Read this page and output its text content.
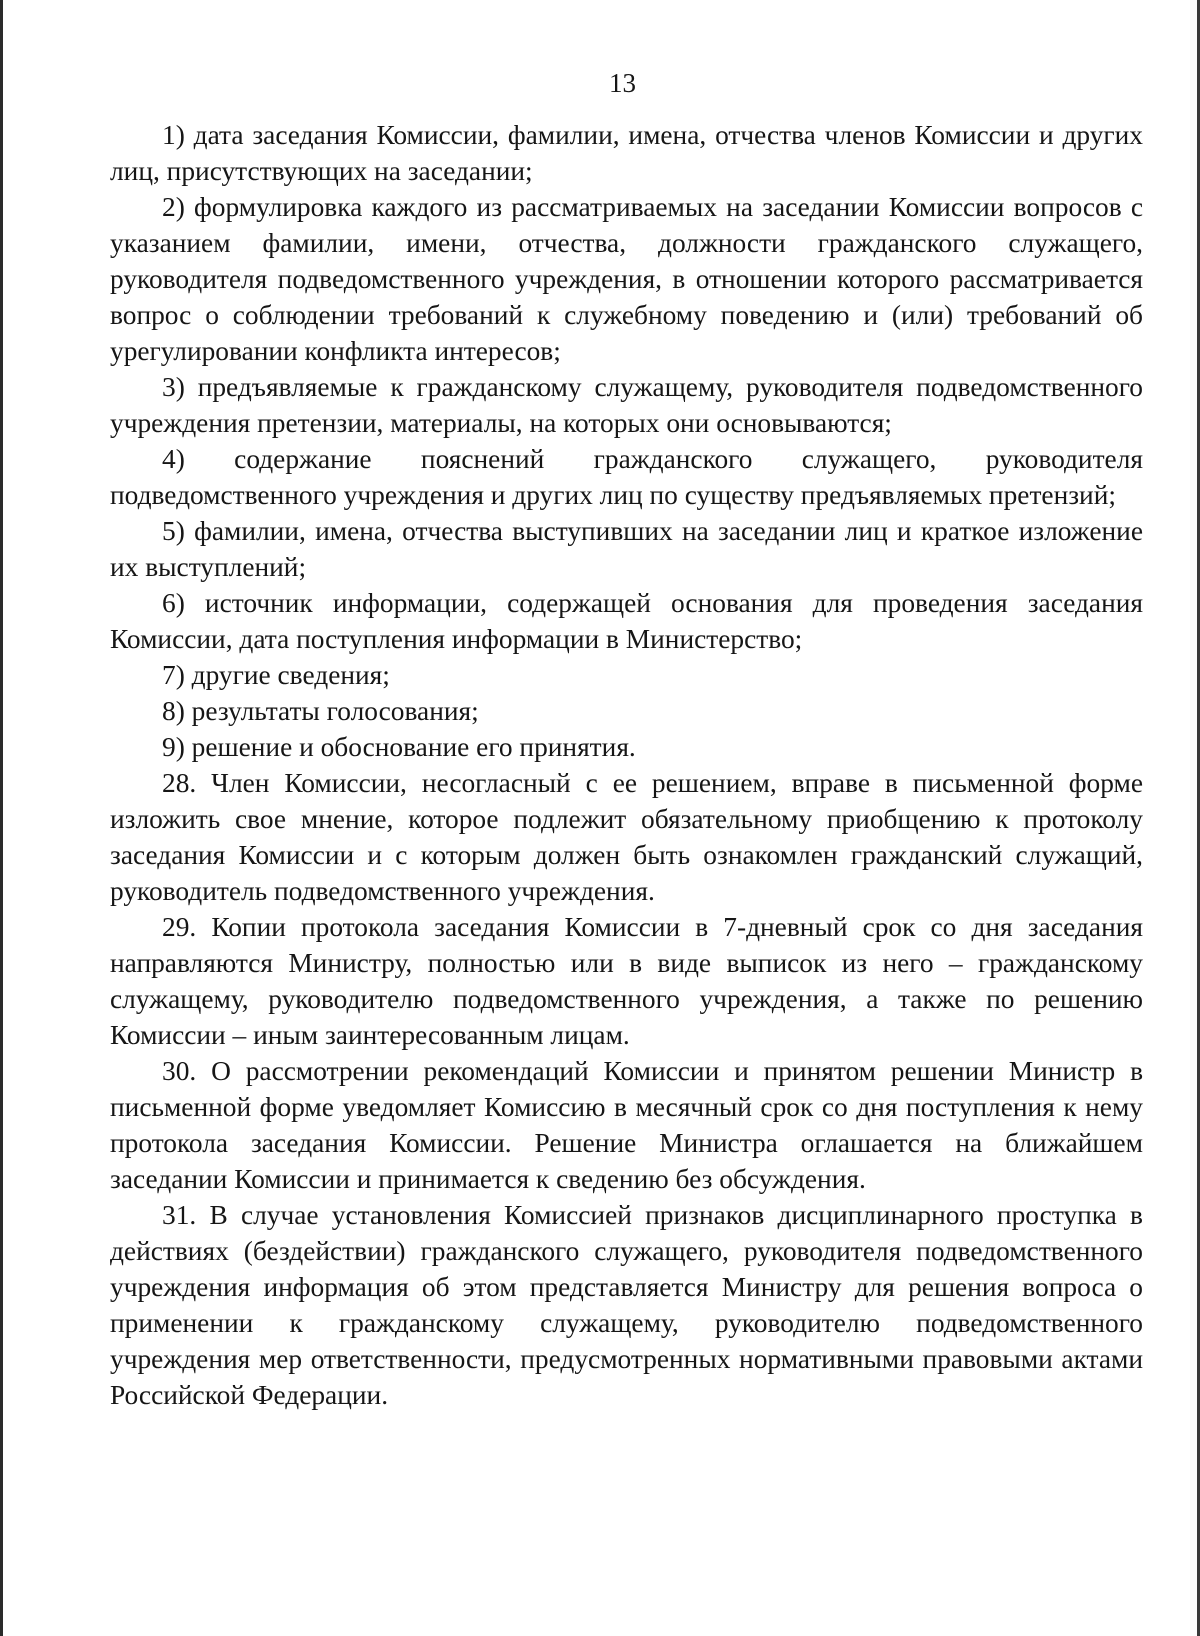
13

1) дата заседания Комиссии, фамилии, имена, отчества членов Комиссии и других лиц, присутствующих на заседании;

2) формулировка каждого из рассматриваемых на заседании Комиссии вопросов с указанием фамилии, имени, отчества, должности гражданского служащего, руководителя подведомственного учреждения, в отношении которого рассматривается вопрос о соблюдении требований к служебному поведению и (или) требований об урегулировании конфликта интересов;

3) предъявляемые к гражданскому служащему, руководителя подведомственного учреждения претензии, материалы, на которых они основываются;

4) содержание пояснений гражданского служащего, руководителя подведомственного учреждения и других лиц по существу предъявляемых претензий;

5) фамилии, имена, отчества выступивших на заседании лиц и краткое изложение их выступлений;

6) источник информации, содержащей основания для проведения заседания Комиссии, дата поступления информации в Министерство;

7) другие сведения;

8) результаты голосования;

9) решение и обоснование его принятия.

28. Член Комиссии, несогласный с ее решением, вправе в письменной форме изложить свое мнение, которое подлежит обязательному приобщению к протоколу заседания Комиссии и с которым должен быть ознакомлен гражданский служащий, руководитель подведомственного учреждения.

29. Копии протокола заседания Комиссии в 7-дневный срок со дня заседания направляются Министру, полностью или в виде выписок из него – гражданскому служащему, руководителю подведомственного учреждения, а также по решению Комиссии – иным заинтересованным лицам.

30. О рассмотрении рекомендаций Комиссии и принятом решении Министр в письменной форме уведомляет Комиссию в месячный срок со дня поступления к нему протокола заседания Комиссии. Решение Министра оглашается на ближайшем заседании Комиссии и принимается к сведению без обсуждения.

31. В случае установления Комиссией признаков дисциплинарного проступка в действиях (бездействии) гражданского служащего, руководителя подведомственного учреждения информация об этом представляется Министру для решения вопроса о применении к гражданскому служащему, руководителю подведомственного учреждения мер ответственности, предусмотренных нормативными правовыми актами Российской Федерации.
